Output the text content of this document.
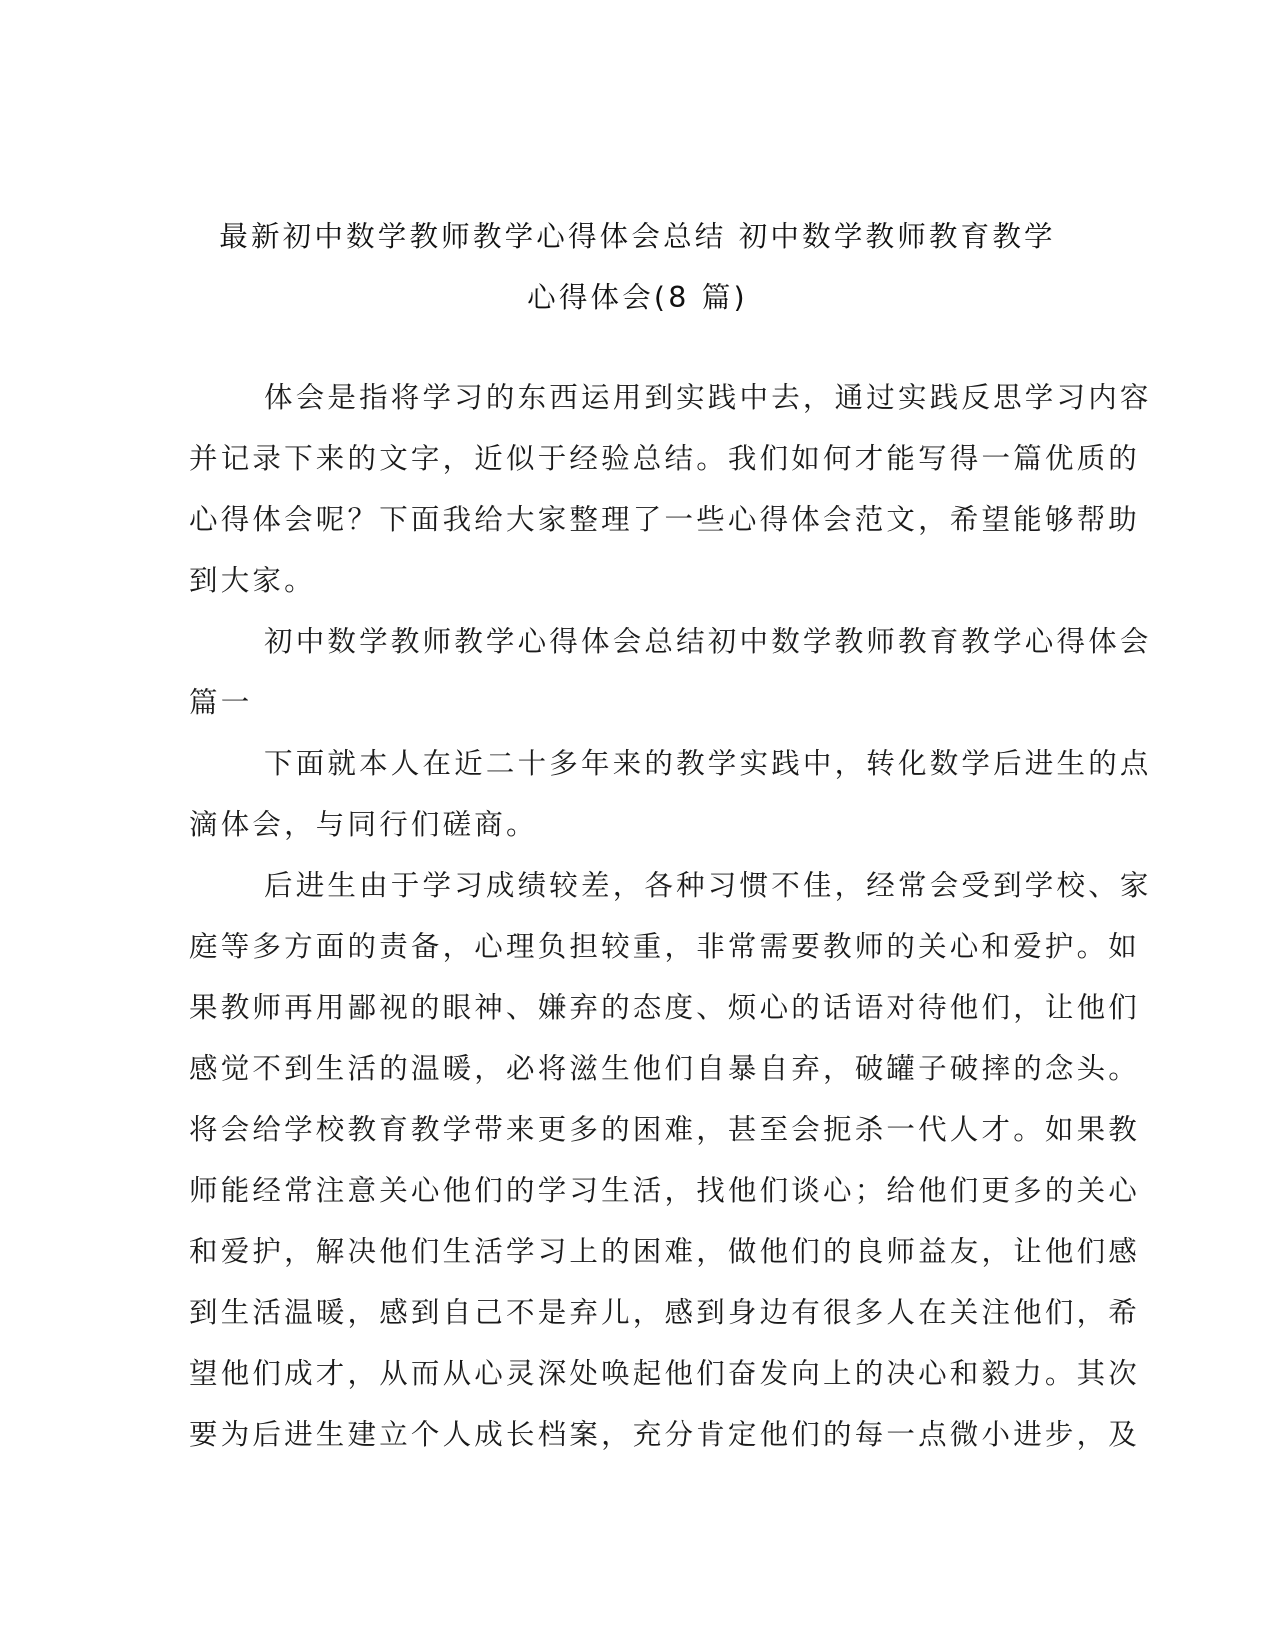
最新初中数学教师教学心得体会总结 初中数学教师教育教学
心得体会(8 篇)
体会是指将学习的东西运用到实践中去，通过实践反思学习内容
并记录下来的文字，近似于经验总结。我们如何才能写得一篇优质的
心得体会呢？下面我给大家整理了一些心得体会范文，希望能够帮助
到大家。
初中数学教师教学心得体会总结初中数学教师教育教学心得体会
篇一
下面就本人在近二十多年来的教学实践中，转化数学后进生的点
滴体会，与同行们磋商。
后进生由于学习成绩较差，各种习惯不佳，经常会受到学校、家
庭等多方面的责备，心理负担较重，非常需要教师的关心和爱护。如
果教师再用鄙视的眼神、嫌弃的态度、烦心的话语对待他们，让他们
感觉不到生活的温暖，必将滋生他们自暴自弃，破罐子破摔的念头。
将会给学校教育教学带来更多的困难，甚至会扼杀一代人才。如果教
师能经常注意关心他们的学习生活，找他们谈心；给他们更多的关心
和爱护，解决他们生活学习上的困难，做他们的良师益友，让他们感
到生活温暖，感到自己不是弃儿，感到身边有很多人在关注他们，希
望他们成才，从而从心灵深处唤起他们奋发向上的决心和毅力。其次
要为后进生建立个人成长档案，充分肯定他们的每一点微小进步，及
